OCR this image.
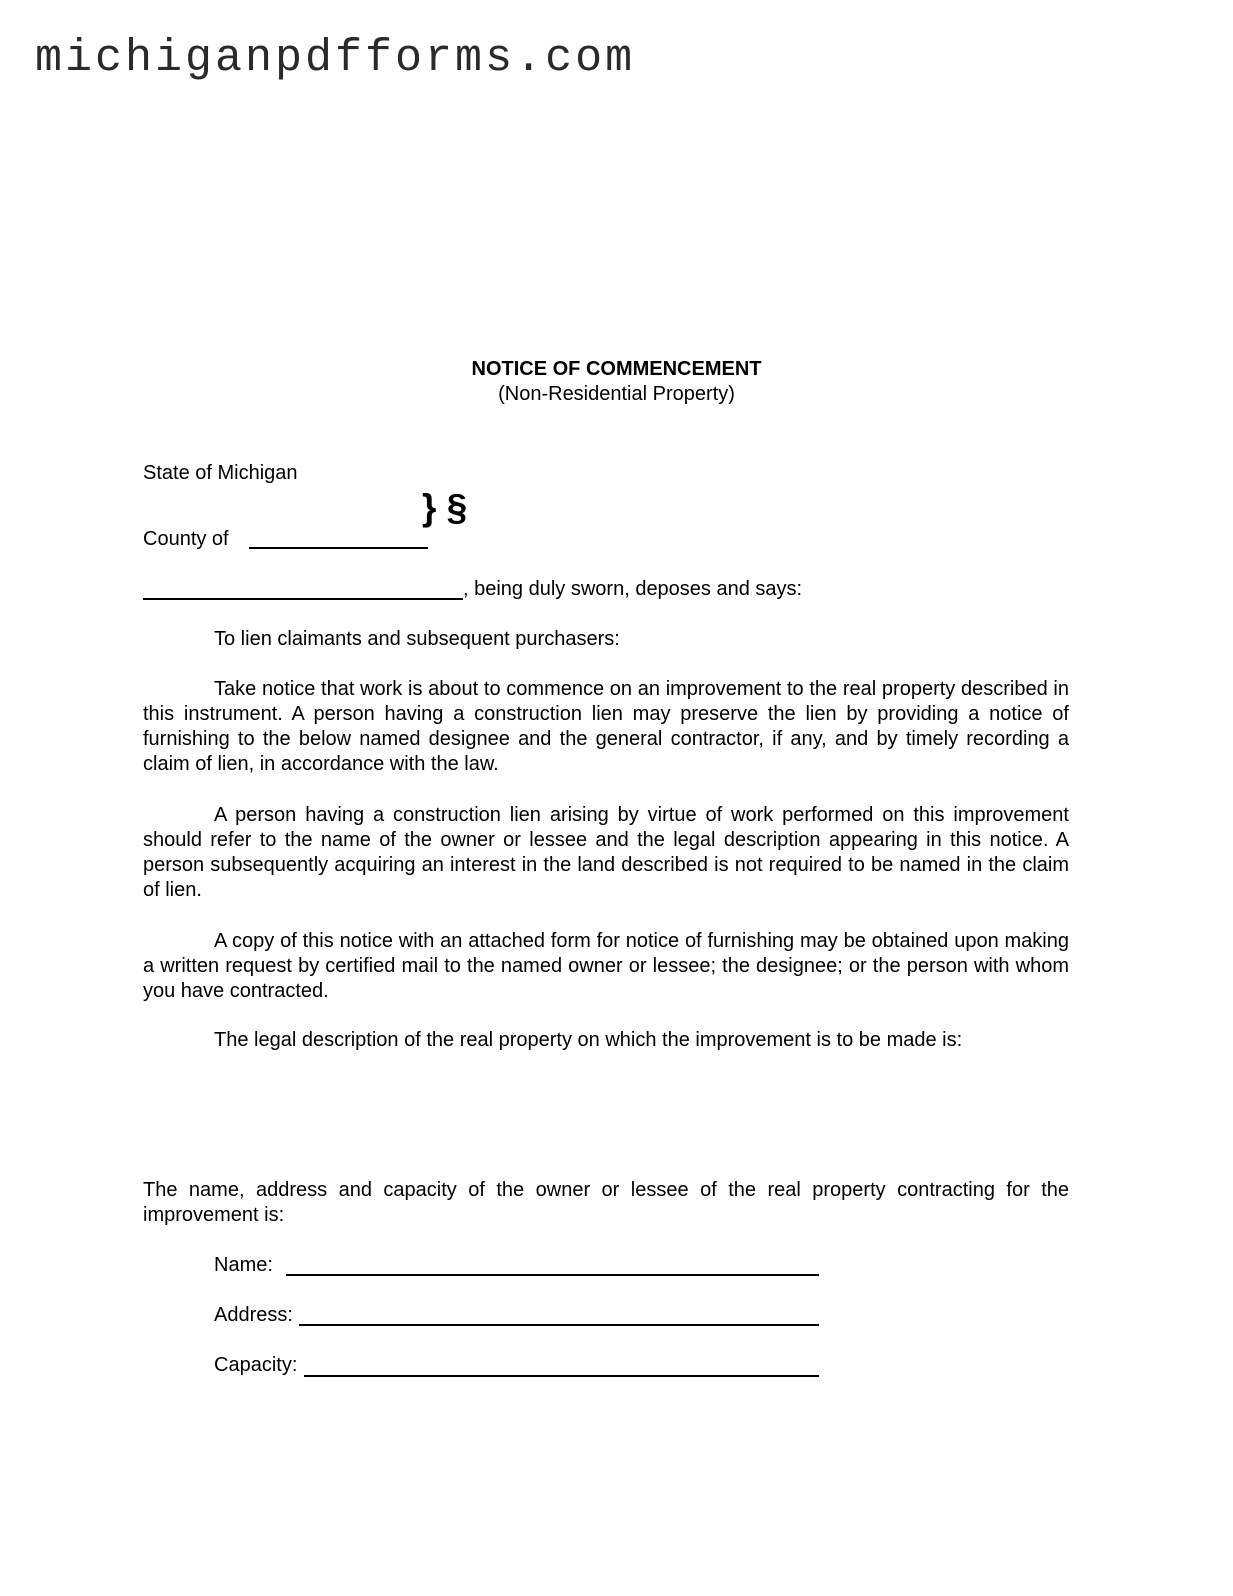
michiganpdfforms.com
NOTICE OF COMMENCEMENT
(Non-Residential Property)
State of Michigan
} §
County of
, being duly sworn, deposes and says:
To lien claimants and subsequent purchasers:
Take notice that work is about to commence on an improvement to the real property described in this instrument. A person having a construction lien may preserve the lien by providing a notice of furnishing to the below named designee and the general contractor, if any, and by timely recording a claim of lien, in accordance with the law.
A person having a construction lien arising by virtue of work performed on this improvement should refer to the name of the owner or lessee and the legal description appearing in this notice. A person subsequently acquiring an interest in the land described is not required to be named in the claim of lien.
A copy of this notice with an attached form for notice of furnishing may be obtained upon making a written request by certified mail to the named owner or lessee; the designee; or the person with whom you have contracted.
The legal description of the real property on which the improvement is to be made is:
The name, address and capacity of the owner or lessee of the real property contracting for the improvement is:
Name:
Address:
Capacity:
